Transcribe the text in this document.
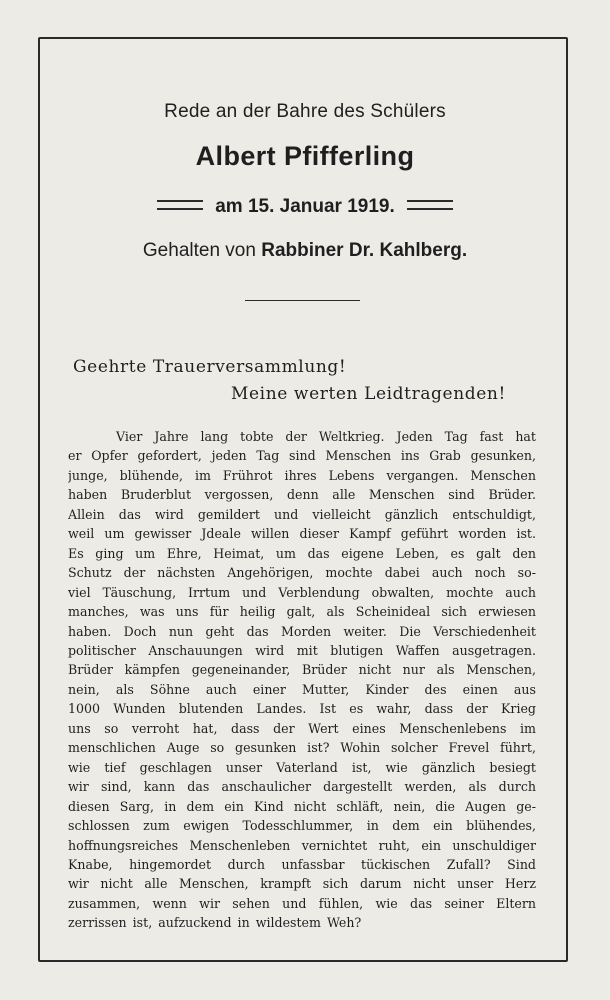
Rede an der Bahre des Schülers

Albert Pfifferling

am 15. Januar 1919.

Gehalten von Rabbiner Dr. Kahlberg.

Geehrte Trauerversammlung!

Meine werten Leidtragenden!

Vier Jahre lang tobte der Weltkrieg. Jeden Tag fast hat
er Opfer gefordert, jeden Tag sind Menschen ins Grab gesunken,
junge, blühende, im Frührot ihres Lebens vergangen. Menschen
haben Bruderblut vergossen, denn alle Menschen sind Brüder.
Allein das wird gemildert und vielleicht gänzlich entschuldigt,
weil um gewisser Jdeale willen dieser Kampf geführt worden ist.
Es ging um Ehre, Heimat, um das eigene Leben, es galt den
Schutz der nächsten Angehörigen, mochte dabei auch noch so-
viel Täuschung, Irrtum und Verblendung obwalten, mochte auch
manches, was uns für heilig galt, als Scheinideal sich erwiesen
haben. Doch nun geht das Morden weiter. Die Verschiedenheit
politischer Anschauungen wird mit blutigen Waffen ausgetragen.
Brüder kämpfen gegeneinander, Brüder nicht nur als Menschen,
nein, als Söhne auch einer Mutter, Kinder des einen aus
1000 Wunden blutenden Landes. Ist es wahr, dass der Krieg
uns so verroht hat, dass der Wert eines Menschenlebens im
menschlichen Auge so gesunken ist? Wohin solcher Frevel führt,
wie tief geschlagen unser Vaterland ist, wie gänzlich besiegt
wir sind, kann das anschaulicher dargestellt werden, als durch
diesen Sarg, in dem ein Kind nicht schläft, nein, die Augen ge-
schlossen zum ewigen Todesschlummer, in dem ein blühendes,
hoffnungsreiches Menschenleben vernichtet ruht, ein unschuldiger
Knabe, hingemordet durch unfassbar tückischen Zufall? Sind
wir nicht alle Menschen, krampft sich darum nicht unser Herz
zusammen, wenn wir sehen und fühlen, wie das seiner Eltern
zerrissen ist, aufzuckend in wildestem Weh?
